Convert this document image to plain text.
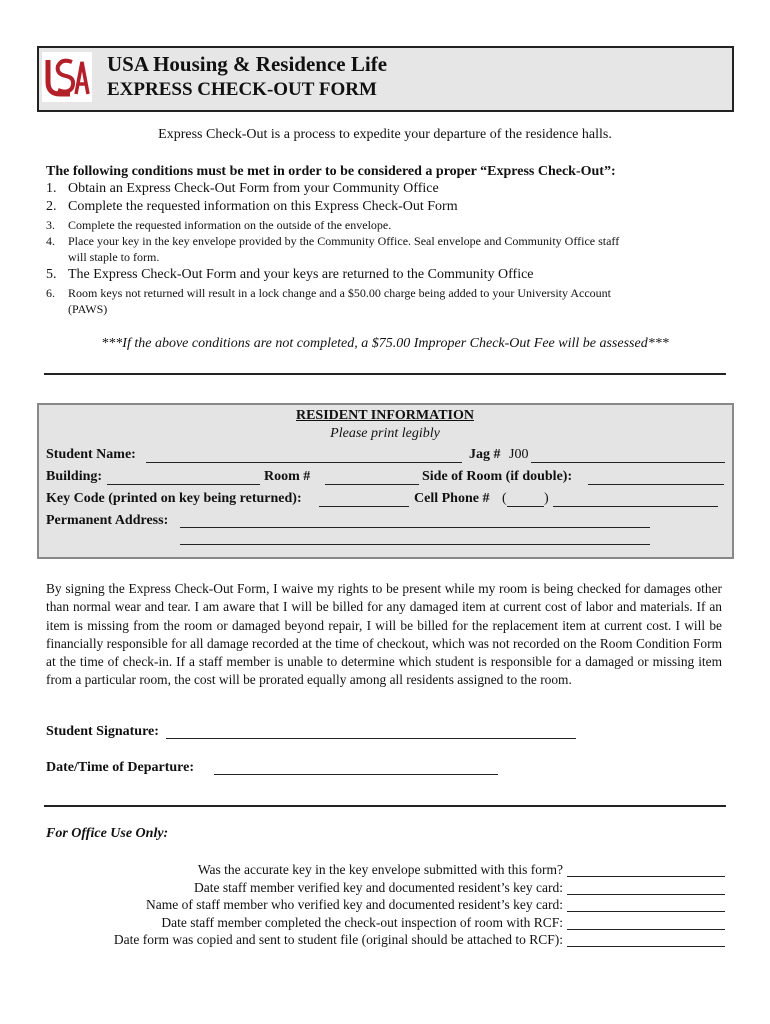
USA Housing & Residence Life
EXPRESS CHECK-OUT FORM
Express Check-Out is a process to expedite your departure of the residence halls.
The following conditions must be met in order to be considered a proper “Express Check-Out”:
1. Obtain an Express Check-Out Form from your Community Office
2. Complete the requested information on this Express Check-Out Form
3. Complete the requested information on the outside of the envelope.
4. Place your key in the key envelope provided by the Community Office. Seal envelope and Community Office staff
will staple to form.
5. The Express Check-Out Form and your keys are returned to the Community Office
6. Room keys not returned will result in a lock change and a $50.00 charge being added to your University Account
(PAWS)
***If the above conditions are not completed, a $75.00 Improper Check-Out Fee will be assessed***
RESIDENT INFORMATION
Please print legibly
Student Name:	Jag # J00
Building:	Room #	Side of Room (if double):
Key Code (printed on key being returned):	Cell Phone # (	)
Permanent Address:
By signing the Express Check-Out Form, I waive my rights to be present while my room is being checked for damages other than normal wear and tear. I am aware that I will be billed for any damaged item at current cost of labor and materials. If an item is missing from the room or damaged beyond repair, I will be billed for the replacement item at current cost. I will be financially responsible for all damage recorded at the time of checkout, which was not recorded on the Room Condition Form at the time of check-in. If a staff member is unable to determine which student is responsible for a damaged or missing item from a particular room, the cost will be prorated equally among all residents assigned to the room.
Student Signature:
Date/Time of Departure:
For Office Use Only:
Was the accurate key in the key envelope submitted with this form?
Date staff member verified key and documented resident’s key card:
Name of staff member who verified key and documented resident’s key card:
Date staff member completed the check-out inspection of room with RCF:
Date form was copied and sent to student file (original should be attached to RCF):
